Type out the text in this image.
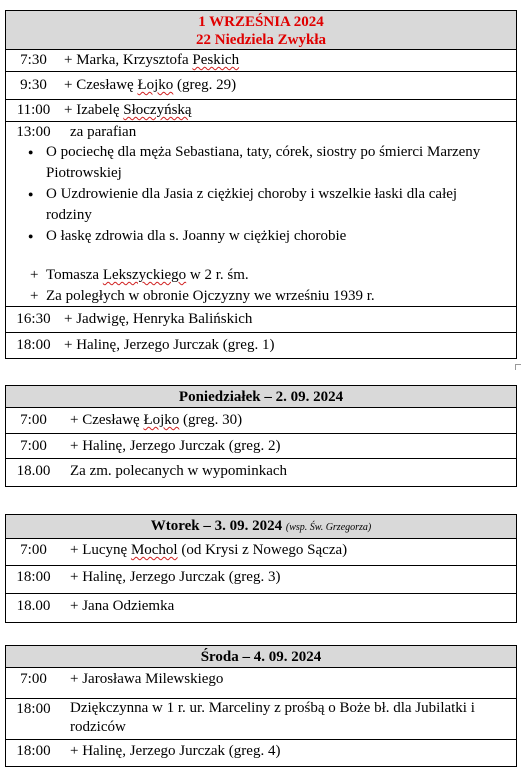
1 WRZEŚNIA 2024
22 Niedziela Zwykła
7:30	+ Marka, Krzysztofa Peskich
9:30	+ Czesławę Łojko (greg. 29)
11:00 + Izabelę Słoczyńską
13:00	za parafian
● O pociechę dla męża Sebastiana, taty, córek, siostry po śmierci Marzeny Piotrowskiej
● O Uzdrowienie dla Jasia z ciężkiej choroby i wszelkie łaski dla całej rodziny
● O łaskę zdrowia dla s. Joanny w ciężkiej chorobie
+ Tomasza Lekszyckiego w 2 r. śm.
+ Za poległych w obronie Ojczyzny we wrześniu 1939 r.
16:30 + Jadwigę, Henryka Balińskich
18:00 + Halinę, Jerzego Jurczak (greg. 1)
Poniedziałek – 2. 09. 2024
7:00	+ Czesławę Łojko (greg. 30)
7:00	+ Halinę, Jerzego Jurczak (greg. 2)
18.00	Za zm. polecanych w wypominkach
Wtorek – 3. 09. 2024 (wsp. Św. Grzegorza)
7:00	+ Lucynę Mochol (od Krysi z Nowego Sącza)
18:00	+ Halinę, Jerzego Jurczak (greg. 3)
18.00	+ Jana Odziemka
Środa – 4. 09. 2024
7:00	+ Jarosława Milewskiego
18:00	Dziękczynna w 1 r. ur. Marceliny z prośbą o Boże bł. dla Jubilatki i rodziców
18:00	+ Halinę, Jerzego Jurczak (greg. 4)
